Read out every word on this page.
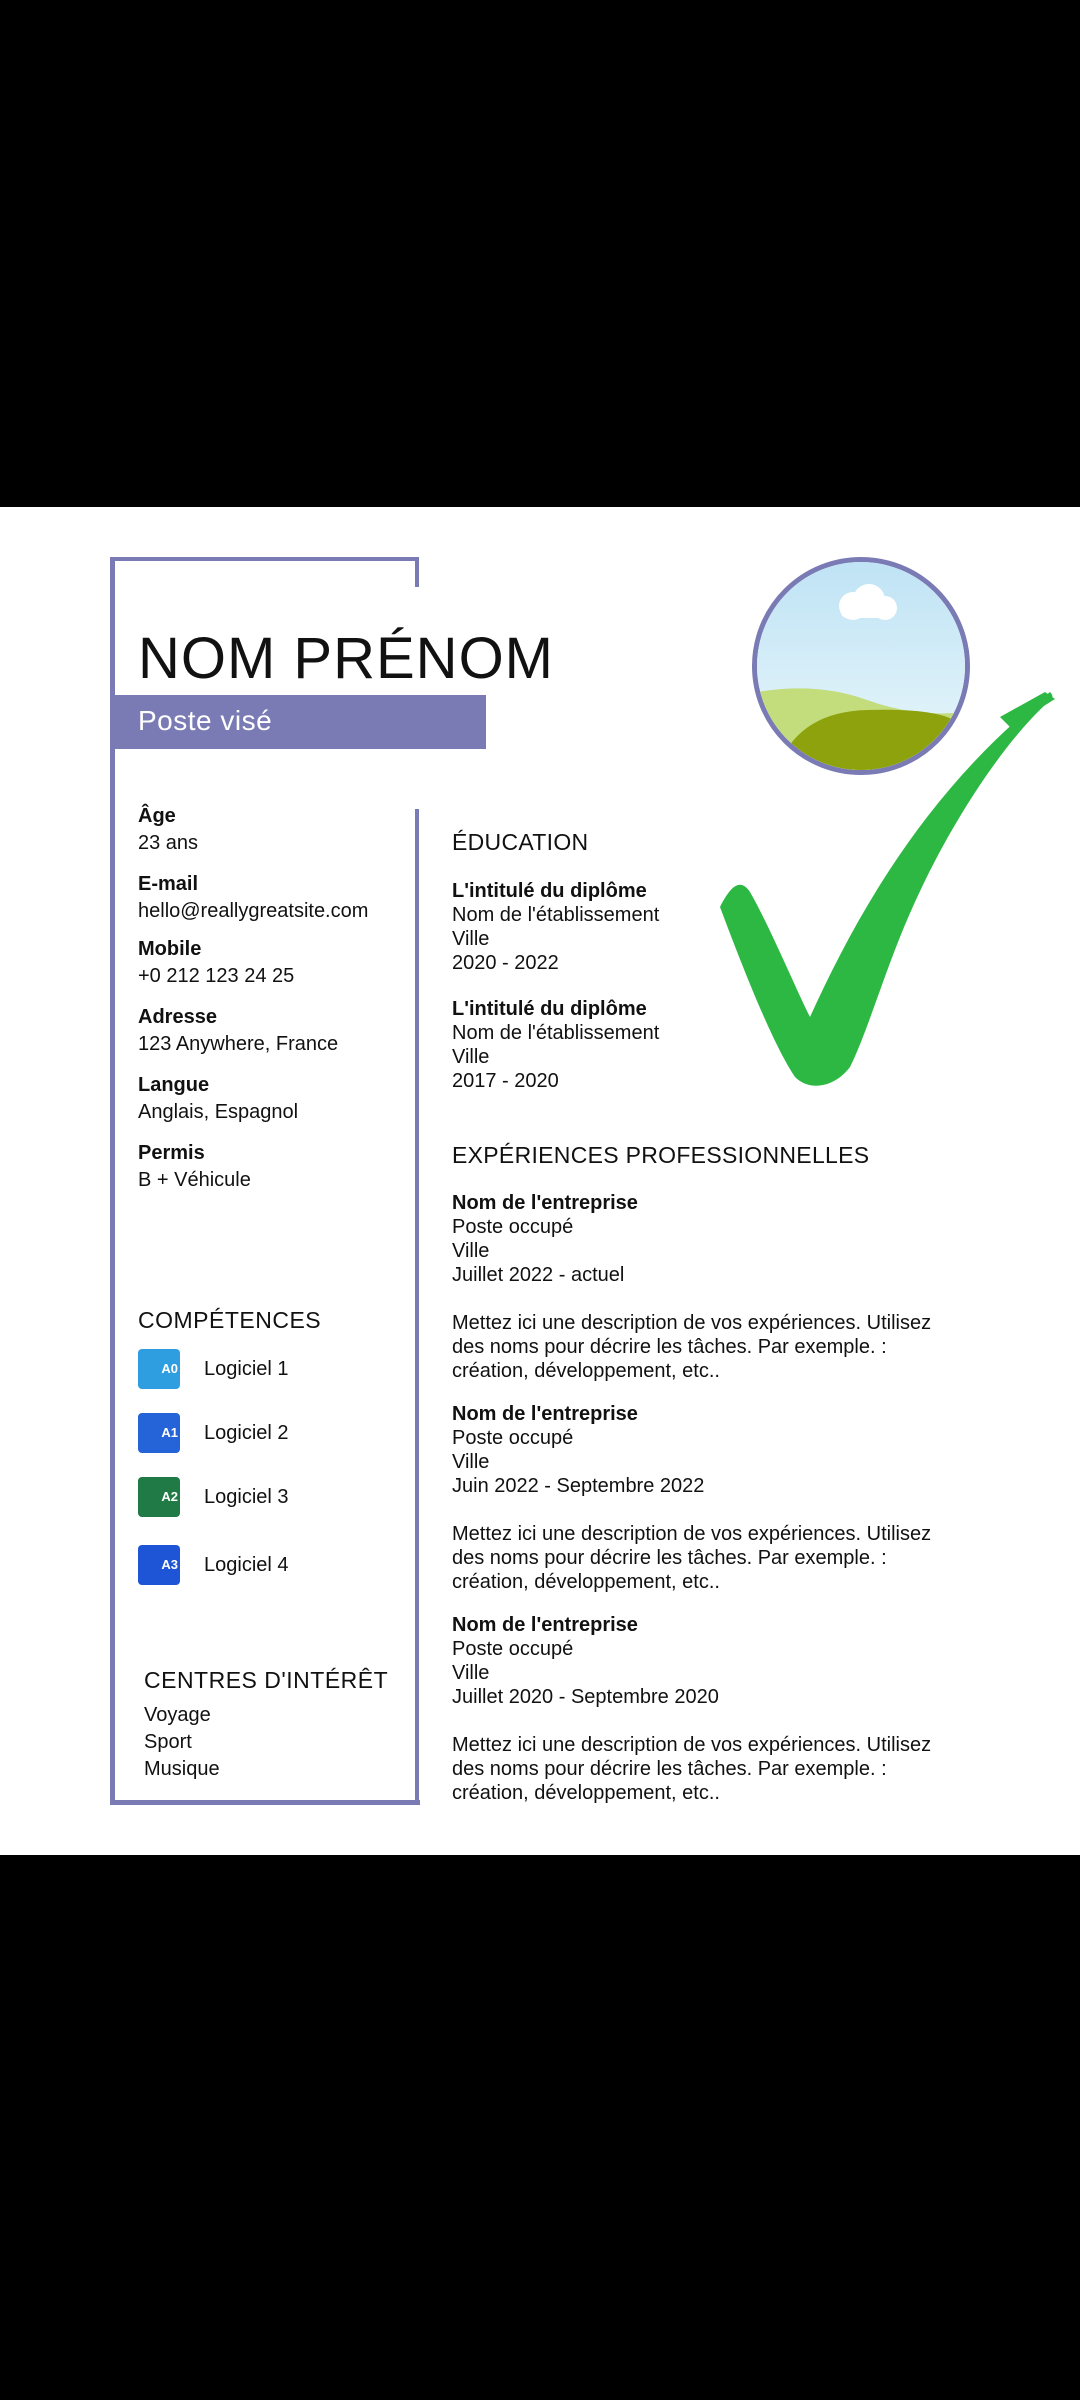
NOM PRÉNOM
Poste visé

Âge

23 ans

E-mail

hello@reallygreatsite.com

Mobile

+0 212 123 24 25

Adresse

123 Anywhere, France

Langue

Anglais, Espagnol

Permis

B + Véhicule

COMPÉTENCES
A0 Logiciel 1
A1 Logiciel 2
A2 Logiciel 3
A3 Logiciel 4
CENTRES D'INTÉRÊT

Voyage

Sport

Musique

ÉDUCATION

L'intitulé du diplôme

Nom de l'établissement

Ville

2020 - 2022

L'intitulé du diplôme

Nom de l'établissement

Ville

2017 - 2020

EXPÉRIENCES PROFESSIONNELLES

Nom de l'entreprise

Poste occupé

Ville

Juillet 2022 - actuel

Mettez ici une description de vos expériences. Utilisez

des noms pour décrire les tâches. Par exemple. :

création, développement, etc..

Nom de l'entreprise

Poste occupé

Ville

Juin 2022 - Septembre 2022

Mettez ici une description de vos expériences. Utilisez

des noms pour décrire les tâches. Par exemple. :

création, développement, etc..

Nom de l'entreprise

Poste occupé

Ville

Juillet 2020 - Septembre 2020

Mettez ici une description de vos expériences. Utilisez

des noms pour décrire les tâches. Par exemple. :

création, développement, etc..
